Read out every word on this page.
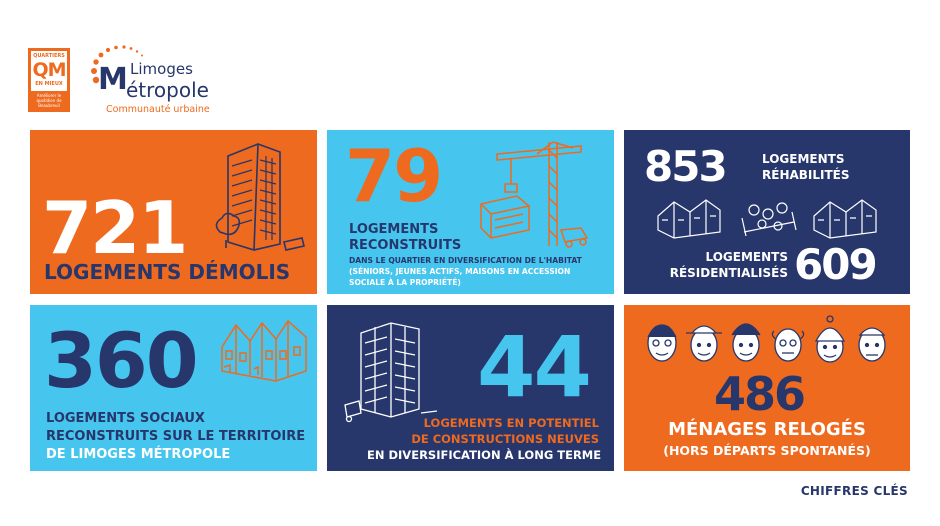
QUARTIERS
QM
EN MIEUX
Améliorer le quotidien de Beaubreuil
M Limoges
étropole
Communauté urbaine
721
LOGEMENTS DÉMOLIS
79
LOGEMENTS
RECONSTRUITS
DANS LE QUARTIER EN DIVERSIFICATION DE L'HABITAT
(SÉNIORS, JEUNES ACTIFS, MAISONS EN ACCESSION
SOCIALE À LA PROPRIÉTÉ)
853	LOGEMENTS
RÉHABILITÉS
LOGEMENTS
RÉSIDENTIALISÉS 609
360
LOGEMENTS SOCIAUX
RECONSTRUITS SUR LE TERRITOIRE
DE LIMOGES MÉTROPOLE
44
LOGEMENTS EN POTENTIEL
DE CONSTRUCTIONS NEUVES
EN DIVERSIFICATION À LONG TERME
486
MÉNAGES RELOGÉS
(HORS DÉPARTS SPONTANÉS)
CHIFFRES CLÉS
